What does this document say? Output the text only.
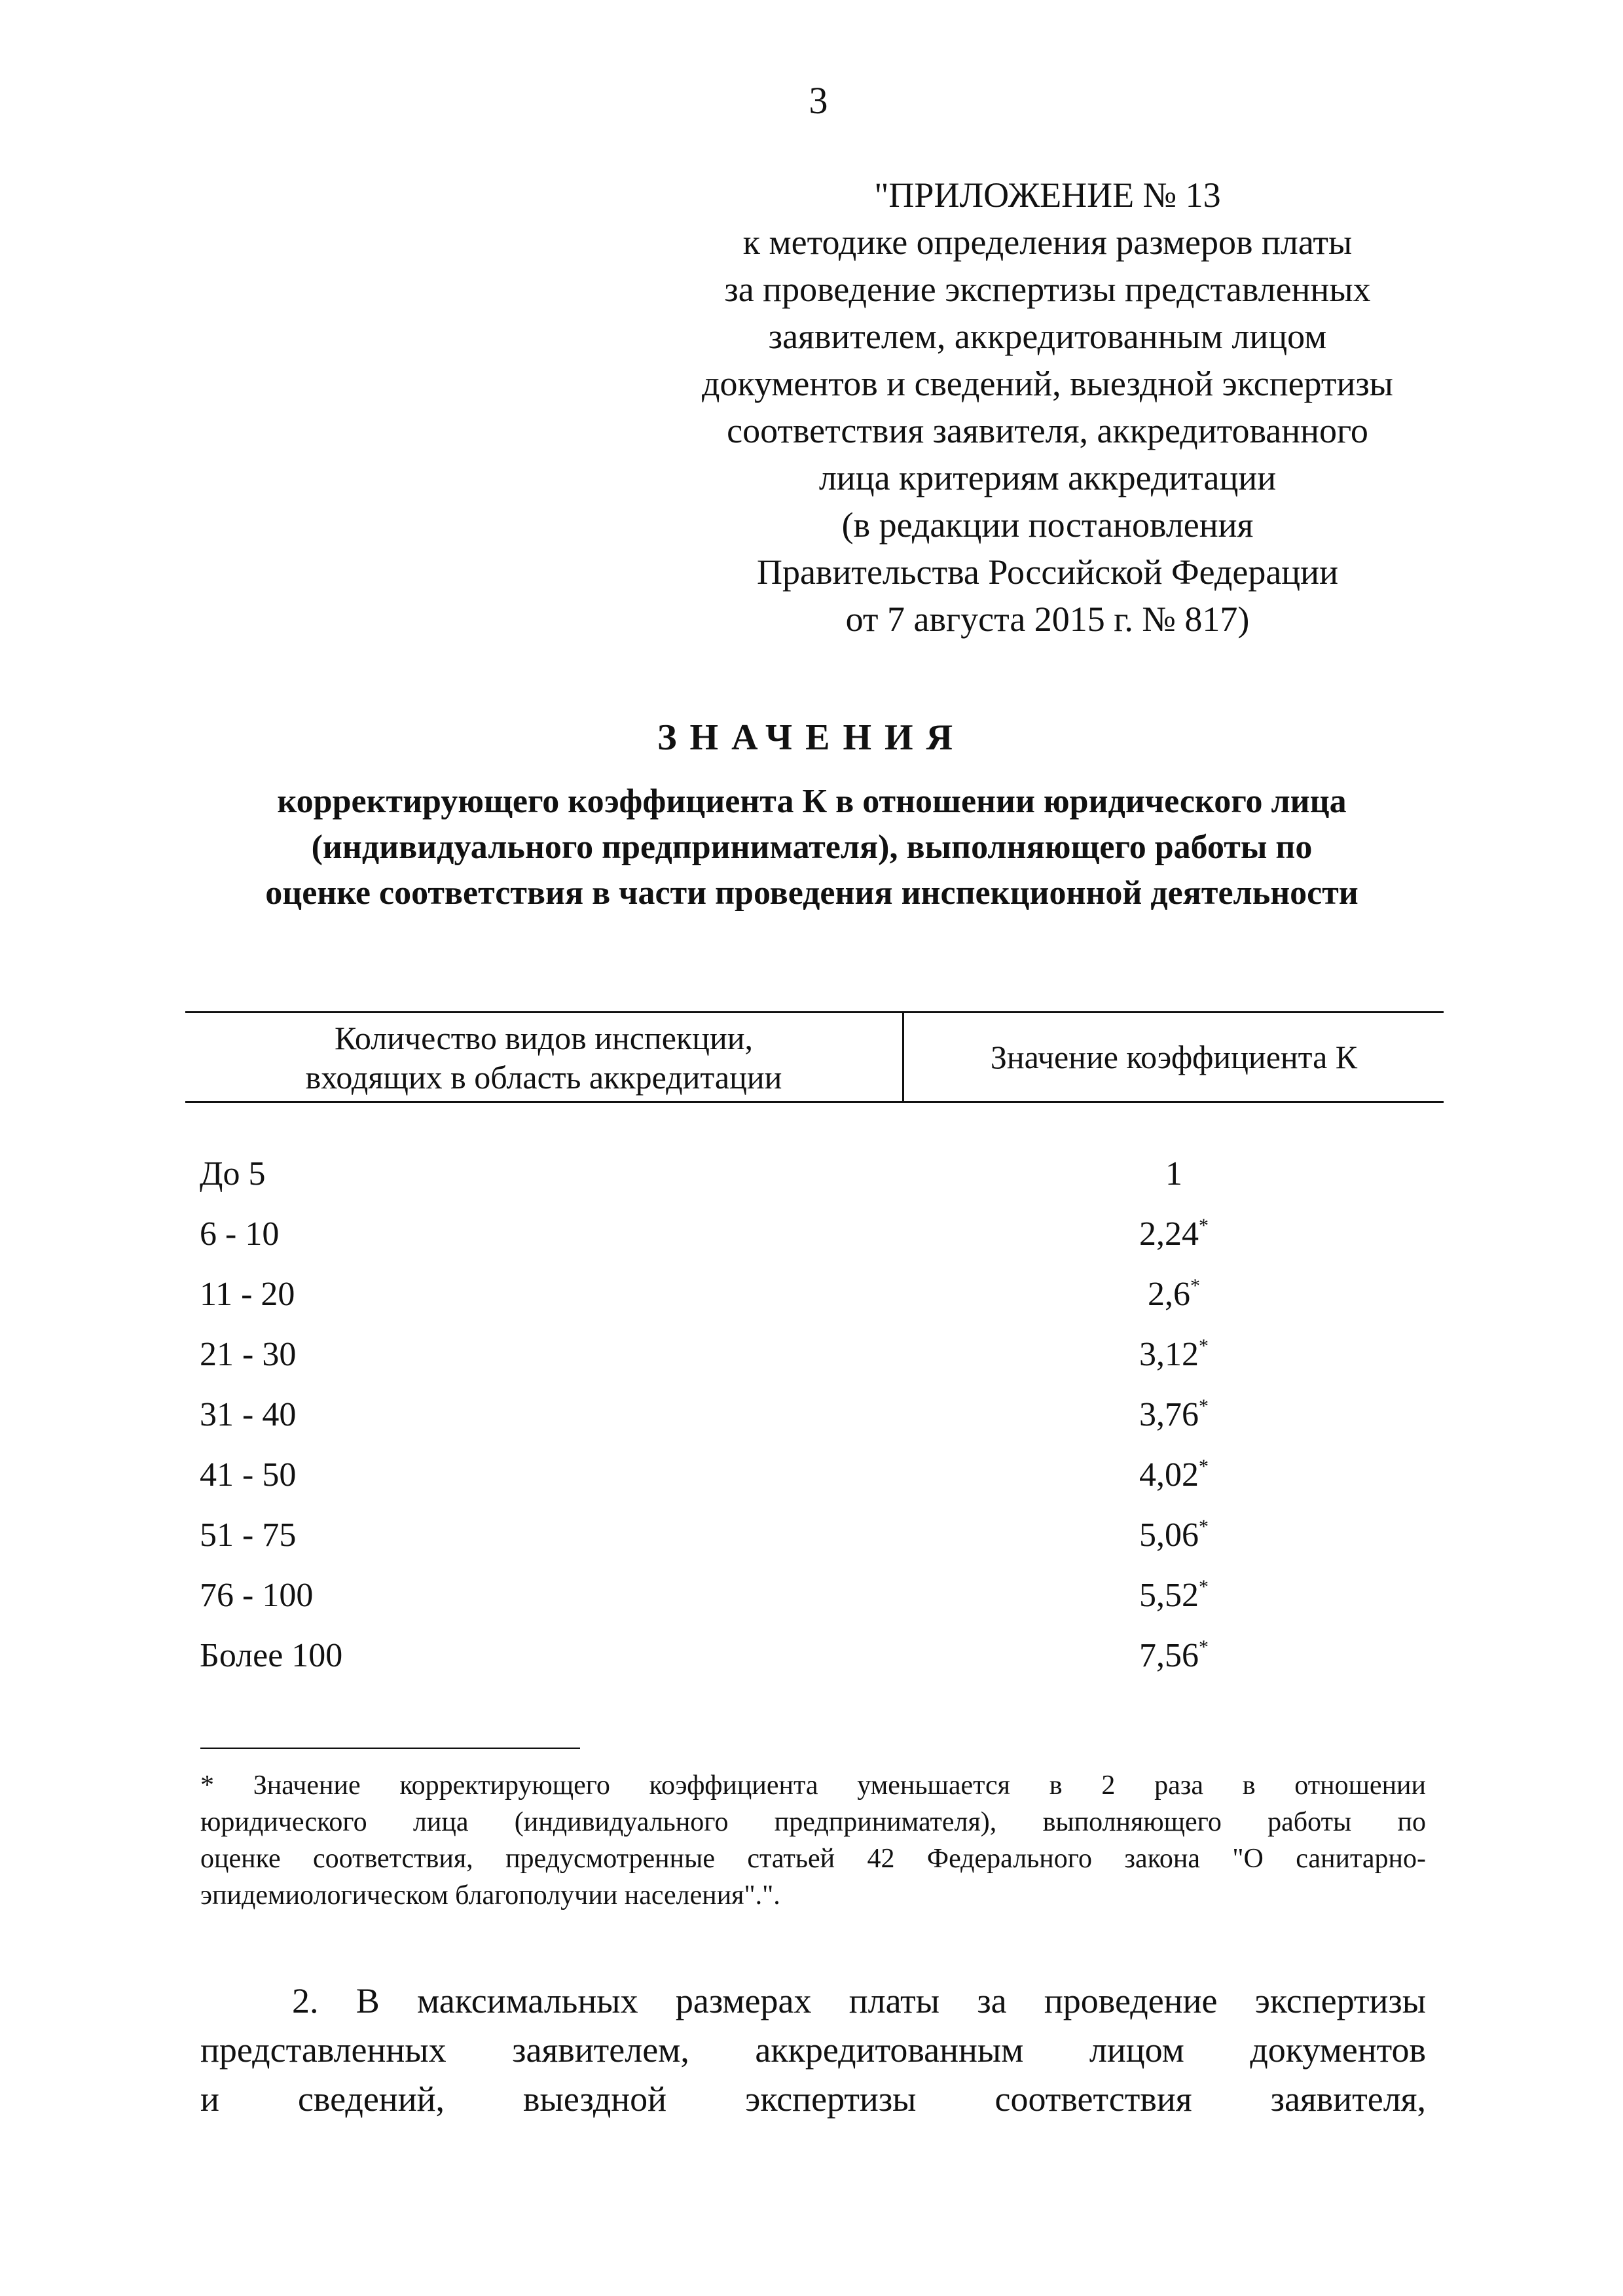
3
"ПРИЛОЖЕНИЕ № 13
к методике определения размеров платы
за проведение экспертизы представленных
заявителем, аккредитованным лицом
документов и сведений, выездной экспертизы
соответствия заявителя, аккредитованного
лица критериям аккредитации
(в редакции постановления
Правительства Российской Федерации
от 7 августа 2015 г. № 817)
ЗНАЧЕНИЯ
корректирующего коэффициента К в отношении юридического лица
(индивидуального предпринимателя), выполняющего работы по
оценке соответствия в части проведения инспекционной деятельности
Количество видов инспекции,
входящих в область аккредитации
Значение коэффициента К
До 5	1
6 - 10	2,24*
11 - 20	2,6*
21 - 30	3,12*
31 - 40	3,76*
41 - 50	4,02*
51 - 75	5,06*
76 - 100	5,52*
Более 100	7,56*
* Значение корректирующего коэффициента уменьшается в 2 раза в отношении
юридического лица (индивидуального предпринимателя), выполняющего работы по
оценке соответствия, предусмотренные статьей 42 Федерального закона "О санитарно-
эпидемиологическом благополучии населения".".
2. В максимальных размерах платы за проведение экспертизы
представленных заявителем, аккредитованным лицом документов
и сведений, выездной экспертизы соответствия заявителя,
